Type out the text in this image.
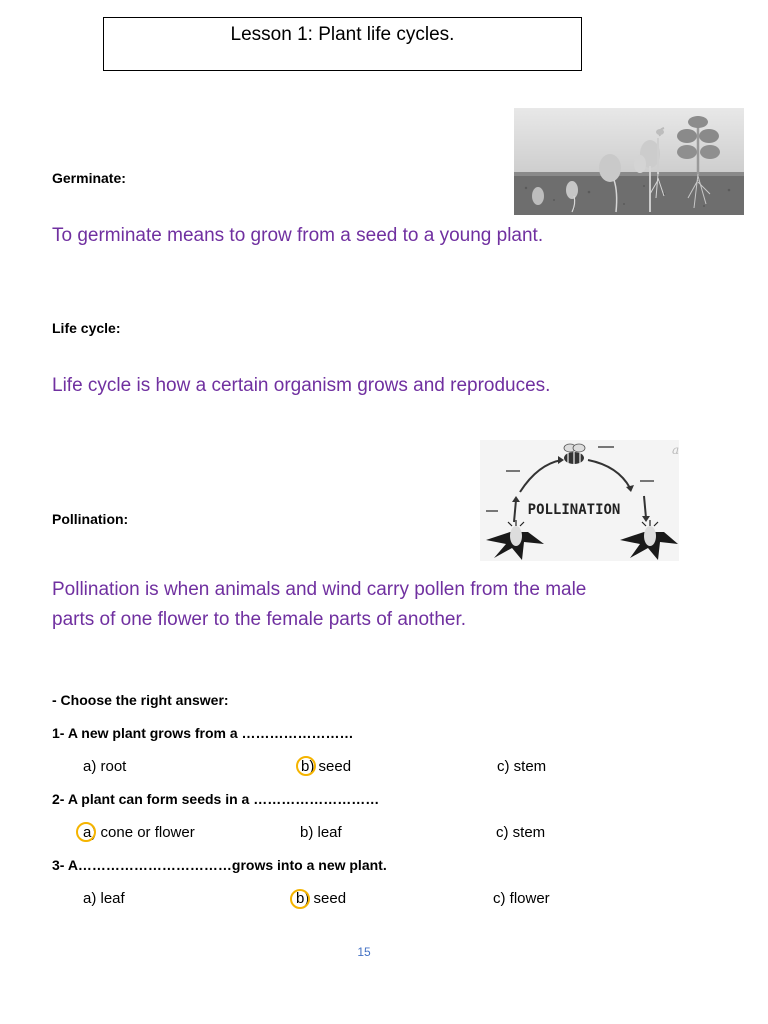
Lesson 1: Plant life cycles.
Germinate:
To germinate means to grow from a seed to a young plant.
Life cycle:
Life cycle is how a certain organism grows and reproduces.
POLLINATION
a
Pollination:
Pollination is when animals and wind carry pollen from the male
parts of one flower to the female parts of another.
- Choose the right answer:
1- A new plant grows from a ……………………
a) root	b) seed	c) stem
2- A plant can form seeds in a ………………………
a) cone or flower	b) leaf	c) stem
3- A……………………………grows into a new plant.
a) leaf	b) seed	c) flower
15
